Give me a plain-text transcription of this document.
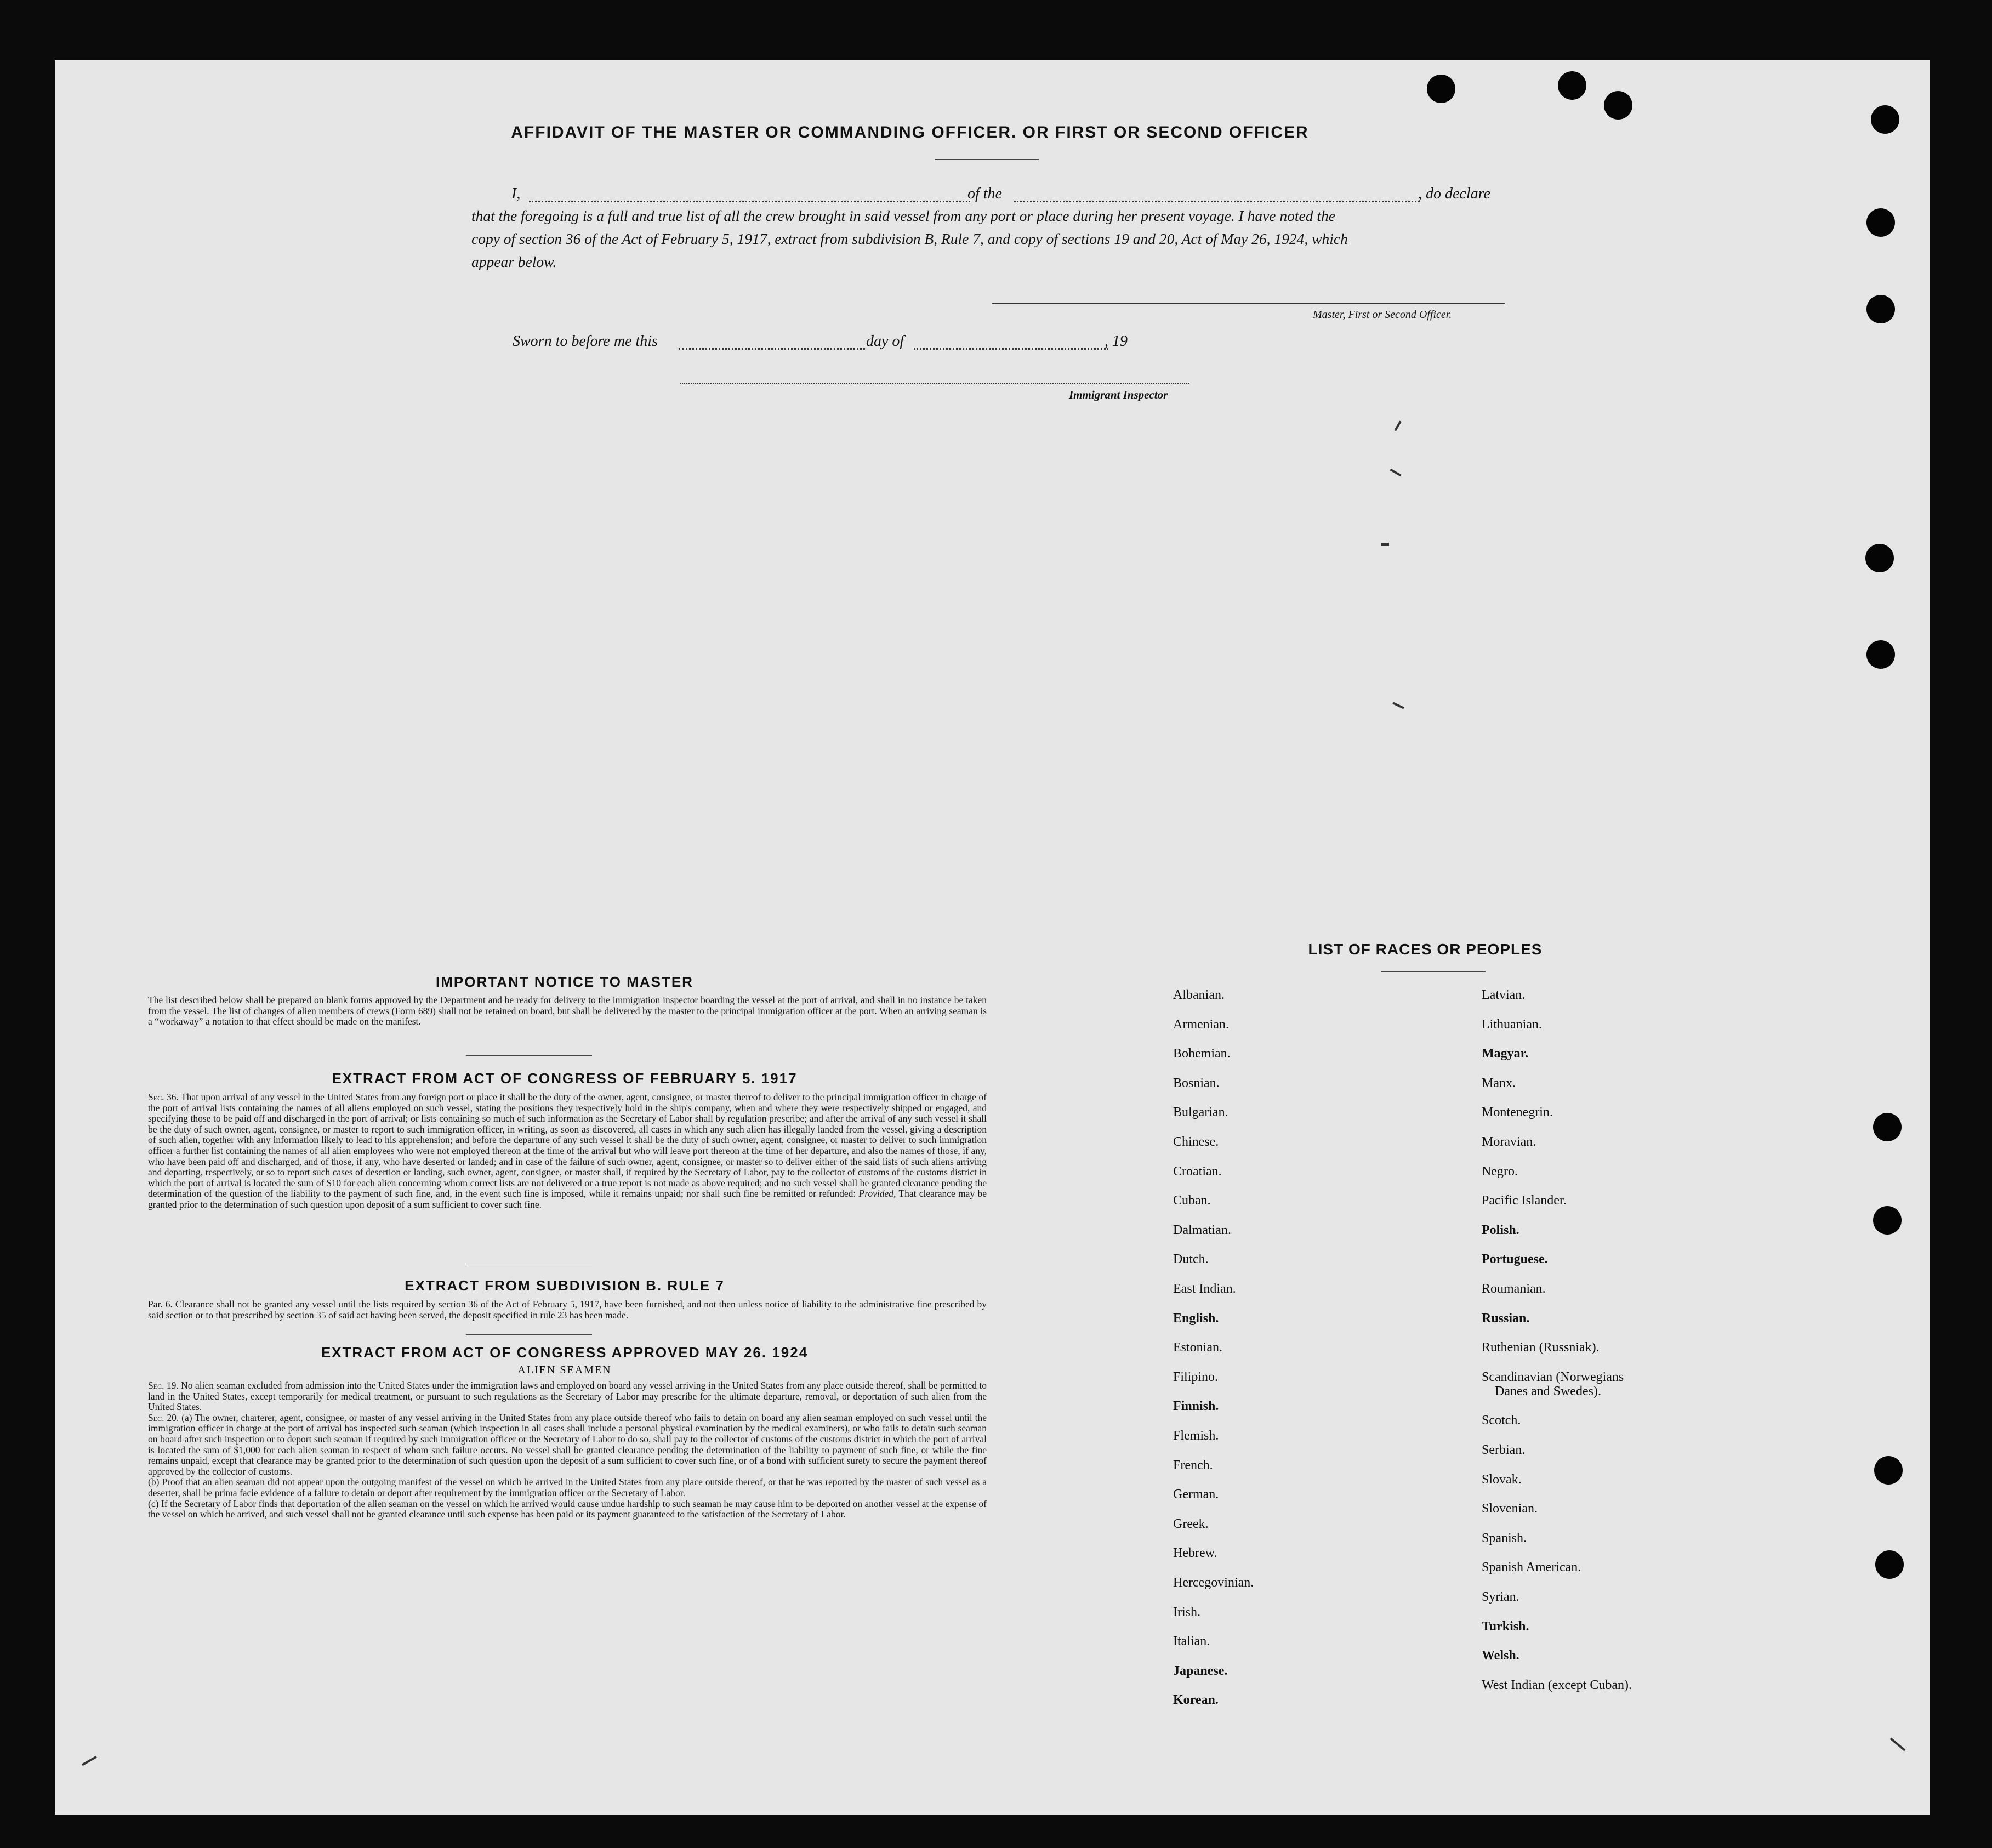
AFFIDAVIT OF THE MASTER OR COMMANDING OFFICER. OR FIRST OR SECOND OFFICER
I,	of the	, do declare
that the foregoing is a full and true list of all the crew brought in said vessel from any port or place during her present voyage. I have noted the
copy of section 36 of the Act of February 5, 1917, extract from subdivision B, Rule 7, and copy of sections 19 and 20, Act of May 26, 1924, which
appear below.
Master, First or Second Officer.
Sworn to before me this	day of	, 19
Immigrant Inspector
IMPORTANT NOTICE TO MASTER
The list described below shall be prepared on blank forms approved by the Department and be ready for delivery to the immigration inspector boarding the vessel at the port of arrival, and shall in no instance be taken from the vessel. The list of changes of alien members of crews (Form 689) shall not be retained on board, but shall be delivered by the master to the principal immigration officer at the port. When an arriving seaman is a “workaway” a notation to that effect should be made on the manifest.
EXTRACT FROM ACT OF CONGRESS OF FEBRUARY 5. 1917
Sec. 36. That upon arrival of any vessel in the United States from any foreign port or place it shall be the duty of the owner, agent, consignee, or master thereof to deliver to the principal immigration officer in charge of the port of arrival lists containing the names of all aliens employed on such vessel, stating the positions they respectively hold in the ship's company, when and where they were respectively shipped or engaged, and specifying those to be paid off and discharged in the port of arrival; or lists containing so much of such information as the Secretary of Labor shall by regulation prescribe; and after the arrival of any such vessel it shall be the duty of such owner, agent, consignee, or master to report to such immigration officer, in writing, as soon as discovered, all cases in which any such alien has illegally landed from the vessel, giving a description of such alien, together with any information likely to lead to his apprehension; and before the departure of any such vessel it shall be the duty of such owner, agent, consignee, or master to deliver to such immigration officer a further list containing the names of all alien employees who were not employed thereon at the time of the arrival but who will leave port thereon at the time of her departure, and also the names of those, if any, who have been paid off and discharged, and of those, if any, who have deserted or landed; and in case of the failure of such owner, agent, consignee, or master so to deliver either of the said lists of such aliens arriving and departing, respectively, or so to report such cases of desertion or landing, such owner, agent, consignee, or master shall, if required by the Secretary of Labor, pay to the collector of customs of the customs district in which the port of arrival is located the sum of $10 for each alien concerning whom correct lists are not delivered or a true report is not made as above required; and no such vessel shall be granted clearance pending the determination of the question of the liability to the payment of such fine, and, in the event such fine is imposed, while it remains unpaid; nor shall such fine be remitted or refunded: Provided, That clearance may be granted prior to the determination of such question upon deposit of a sum sufficient to cover such fine.
EXTRACT FROM SUBDIVISION B. RULE 7
Par. 6. Clearance shall not be granted any vessel until the lists required by section 36 of the Act of February 5, 1917, have been furnished, and not then unless notice of liability to the administrative fine prescribed by said section or to that prescribed by section 35 of said act having been served, the deposit specified in rule 23 has been made.
EXTRACT FROM ACT OF CONGRESS APPROVED MAY 26. 1924
ALIEN SEAMEN
Sec. 19. No alien seaman excluded from admission into the United States under the immigration laws and employed on board any vessel arriving in the United States from any place outside thereof, shall be permitted to land in the United States, except temporarily for medical treatment, or pursuant to such regulations as the Secretary of Labor may prescribe for the ultimate departure, removal, or deportation of such alien from the United States.
Sec. 20. (a) The owner, charterer, agent, consignee, or master of any vessel arriving in the United States from any place outside thereof who fails to detain on board any alien seaman employed on such vessel until the immigration officer in charge at the port of arrival has inspected such seaman (which inspection in all cases shall include a personal physical examination by the medical examiners), or who fails to detain such seaman on board after such inspection or to deport such seaman if required by such immigration officer or the Secretary of Labor to do so, shall pay to the collector of customs of the customs district in which the port of arrival is located the sum of $1,000 for each alien seaman in respect of whom such failure occurs. No vessel shall be granted clearance pending the determination of the liability to payment of such fine, or while the fine remains unpaid, except that clearance may be granted prior to the determination of such question upon the deposit of a sum sufficient to cover such fine, or of a bond with sufficient surety to secure the payment thereof approved by the collector of customs.
(b) Proof that an alien seaman did not appear upon the outgoing manifest of the vessel on which he arrived in the United States from any place outside thereof, or that he was reported by the master of such vessel as a deserter, shall be prima facie evidence of a failure to detain or deport after requirement by the immigration officer or the Secretary of Labor.
(c) If the Secretary of Labor finds that deportation of the alien seaman on the vessel on which he arrived would cause undue hardship to such seaman he may cause him to be deported on another vessel at the expense of the vessel on which he arrived, and such vessel shall not be granted clearance until such expense has been paid or its payment guaranteed to the satisfaction of the Secretary of Labor.
LIST OF RACES OR PEOPLES
Albanian.
Armenian.
Bohemian.
Bosnian.
Bulgarian.
Chinese.
Croatian.
Cuban.
Dalmatian.
Dutch.
East Indian.
English.
Estonian.
Filipino.
Finnish.
Flemish.
French.
German.
Greek.
Hebrew.
Hercegovinian.
Irish.
Italian.
Japanese.
Korean.
Latvian.
Lithuanian.
Magyar.
Manx.
Montenegrin.
Moravian.
Negro.
Pacific Islander.
Polish.
Portuguese.
Roumanian.
Russian.
Ruthenian (Russniak).
Scandinavian (Norwegians
Danes and Swedes).
Scotch.
Serbian.
Slovak.
Slovenian.
Spanish.
Spanish American.
Syrian.
Turkish.
Welsh.
West Indian (except Cuban).
